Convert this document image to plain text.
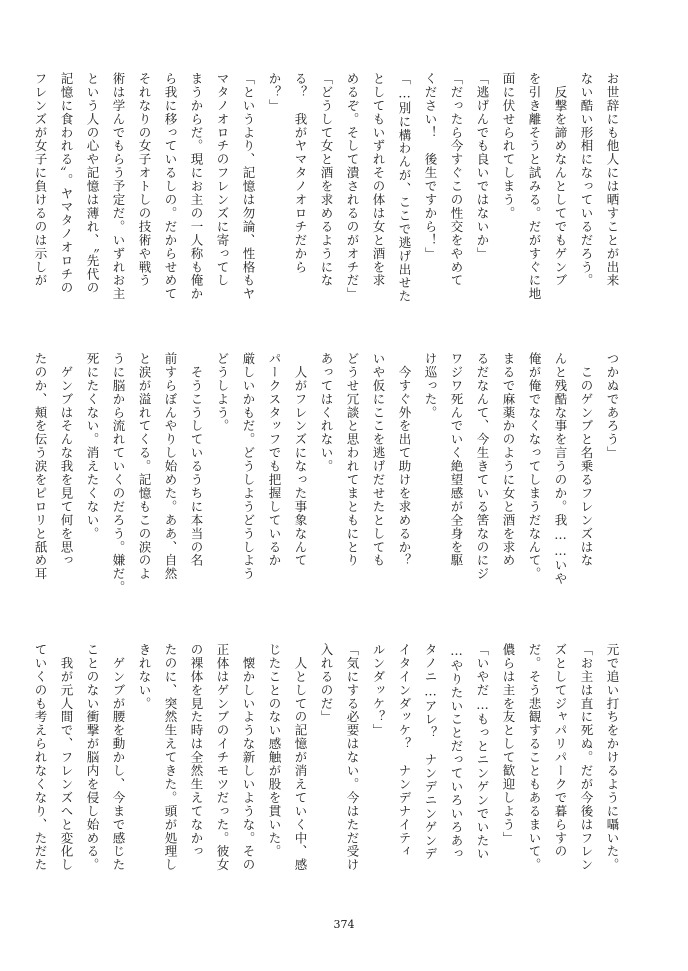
お世辞にも他人には晒すことが出来
ない酷い形相になっているだろう。
　反撃を諦めなんとしてでもゲンブ
を引き離そうと試みる。だがすぐに地
面に伏せられてしまう。
「逃げんでも良いではないか」
「だったら今すぐこの性交をやめて
ください！　後生ですから！」
「…別に構わんが、ここで逃げ出せた
としてもいずれその体は女と酒を求
めるぞ。そして潰されるのがオチだ」
「どうして女と酒を求めるようにな
る？　我がヤマタノオロチだから
か？」
「というより、記憶は勿論、性格もヤ
マタノオロチのフレンズに寄ってし
まうからだ。現にお主の一人称も俺か
ら我に移っているしの。だからせめて
それなりの女子オトしの技術や戦う
術は学んでもらう予定だ。いずれお主
という人の心や記憶は薄れ、〝先代の
記憶に食われる〟。ヤマタノオロチの
フレンズが女子に負けるのは示しが
つかぬであろう」
　このゲンブと名乗るフレンズはな
んと残酷な事を言うのか。我……いや
俺が俺でなくなってしまうだなんて。
まるで麻薬かのように女と酒を求め
るだなんて、今生きている筈なのにジ
ワジワ死んでいく絶望感が全身を駆
け巡った。
　今すぐ外を出て助けを求めるか？
いや仮にここを逃げだせたとしても
どうせ冗談と思われてまともにとり
あってはくれない。
　人がフレンズになった事象なんて
パークスタッフでも把握しているか
厳しいかもだ。どうしようどうしよう
どうしよう。
　そうこうしているうちに本当の名
前すらぼんやりし始めた。ああ、自然
と涙が溢れてくる。記憶もこの涙のよ
うに脳から流れていくのだろう。嫌だ。
死にたくない。消えたくない。
　ゲンブはそんな我を見て何を思っ
たのか、頬を伝う涙をピロリと舐め耳
元で追い打ちをかけるように囁いた。
「お主は直に死ぬ。だが今後はフレン
ズとしてジャパリパークで暮らすの
だ。そう悲観することもあるまいて。
儂らは主を友として歓迎しよう」
「いやだ…もっとニンゲンでいたい
…やりたいことだっていろいろあっ
タノニ…アレ？　ナンデニンゲンデ
イタインダッケ？　ナンデナイティ
ルンダッケ？」
「気にする必要はない。今はただ受け
入れるのだ」
　人としての記憶が消えていく中、感
じたことのない感触が股を貫いた。
　懐かしいような新しいような。その
正体はゲンブのイチモツだった。彼女
の裸体を見た時は全然生えてなかっ
たのに、突然生えてきた。頭が処理し
きれない。
　ゲンブが腰を動かし、今まで感じた
ことのない衝撃が脳内を侵し始める。
　我が元人間で、フレンズへと変化し
ていくのも考えられなくなり、ただた
374
